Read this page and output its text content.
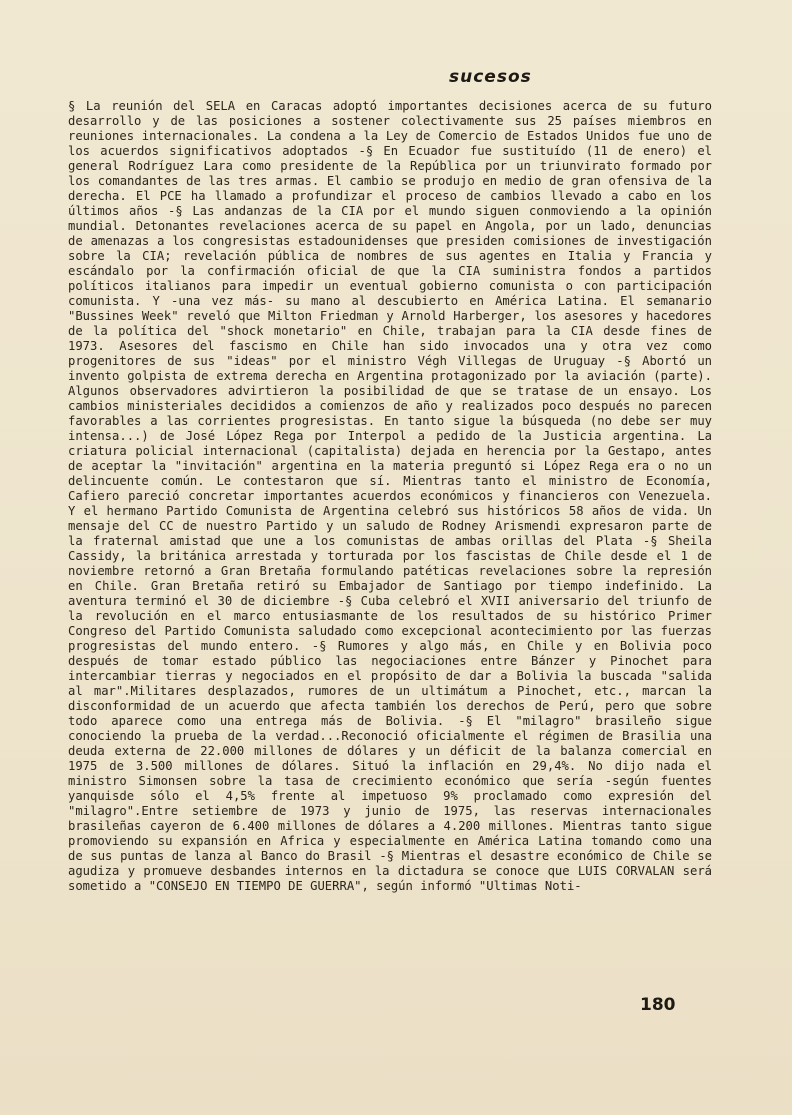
sucesos

§ La reunión del SELA en Caracas adoptó importantes decisiones acerca de su futuro desarrollo y de las posiciones a sostener colectivamente sus 25 países miembros en reuniones internacionales. La condena a la Ley de Comercio de Estados Unidos fue uno de los acuerdos significativos adoptados -§ En Ecuador fue sustituído (11 de enero) el general Rodríguez Lara como presidente de la República por un triunvirato formado por los comandantes de las tres armas. El cambio se produjo en medio de gran ofensiva de la derecha. El PCE ha llamado a profundizar el proceso de cambios llevado a cabo en los últimos años -§ Las andanzas de la CIA por el mundo siguen conmoviendo a la opinión mundial. Detonantes revelaciones acerca de su papel en Angola, por un lado, denuncias de amenazas a los congresistas estadounidenses que presiden comisiones de investigación sobre la CIA; revelación pública de nombres de sus agentes en Italia y Francia y escándalo por la confirmación oficial de que la CIA suministra fondos a partidos políticos italianos para impedir un eventual gobierno comunista o con participación comunista. Y -una vez más- su mano al descubierto en América Latina. El semanario "Bussines Week" reveló que Milton Friedman y Arnold Harberger, los asesores y hacedores de la política del "shock monetario" en Chile, trabajan para la CIA desde fines de 1973. Asesores del fascismo en Chile han sido invocados una y otra vez como progenitores de sus "ideas" por el ministro Végh Villegas de Uruguay -§ Abortó un invento golpista de extrema derecha en Argentina protagonizado por la aviación (parte). Algunos observadores advirtieron la posibilidad de que se tratase de un ensayo. Los cambios ministeriales decididos a comienzos de año y realizados poco después no parecen favorables a las corrientes progresistas. En tanto sigue la búsqueda (no debe ser muy intensa...) de José López Rega por Interpol a pedido de la Justicia argentina. La criatura policial internacional (capitalista) dejada en herencia por la Gestapo, antes de aceptar la "invitación" argentina en la materia preguntó si López Rega era o no un delincuente común. Le contestaron que sí. Mientras tanto el ministro de Economía, Cafiero pareció concretar importantes acuerdos económicos y financieros con Venezuela. Y el hermano Partido Comunista de Argentina celebró sus históricos 58 años de vida. Un mensaje del CC de nuestro Partido y un saludo de Rodney Arismendi expresaron parte de la fraternal amistad que une a los comunistas de ambas orillas del Plata -§ Sheila Cassidy, la británica arrestada y torturada por los fascistas de Chile desde el 1 de noviembre retornó a Gran Bretaña formulando patéticas revelaciones sobre la represión en Chile. Gran Bretaña retiró su Embajador de Santiago por tiempo indefinido. La aventura terminó el 30 de diciembre -§ Cuba celebró el XVII aniversario del triunfo de la revolución en el marco entusiasmante de los resultados de su histórico Primer Congreso del Partido Comunista saludado como excepcional acontecimiento por las fuerzas progresistas del mundo entero. -§ Rumores y algo más, en Chile y en Bolivia poco después de tomar estado público las negociaciones entre Bánzer y Pinochet para intercambiar tierras y negociados en el propósito de dar a Bolivia la buscada "salida al mar".Militares desplazados, rumores de un ultimátum a Pinochet, etc., marcan la disconformidad de un acuerdo que afecta también los derechos de Perú, pero que sobre todo aparece como una entrega más de Bolivia. -§ El "milagro" brasileño sigue conociendo la prueba de la verdad...Reconoció oficialmente el régimen de Brasilia una deuda externa de 22.000 millones de dólares y un déficit de la balanza comercial en 1975 de 3.500 millones de dólares. Situó la inflación en 29,4%. No dijo nada el ministro Simonsen sobre la tasa de crecimiento económico que sería -según fuentes yanquisde sólo el 4,5% frente al impetuoso 9% proclamado como expresión del "milagro".Entre setiembre de 1973 y junio de 1975, las reservas internacionales brasileñas cayeron de 6.400 millones de dólares a 4.200 millones. Mientras tanto sigue promoviendo su expansión en Africa y especialmente en América Latina tomando como una de sus puntas de lanza al Banco do Brasil -§ Mientras el desastre económico de Chile se agudiza y promueve desbandes internos en la dictadura se conoce que LUIS CORVALAN será sometido a "CONSEJO EN TIEMPO DE GUERRA", según informó "Ultimas Noti-

180
